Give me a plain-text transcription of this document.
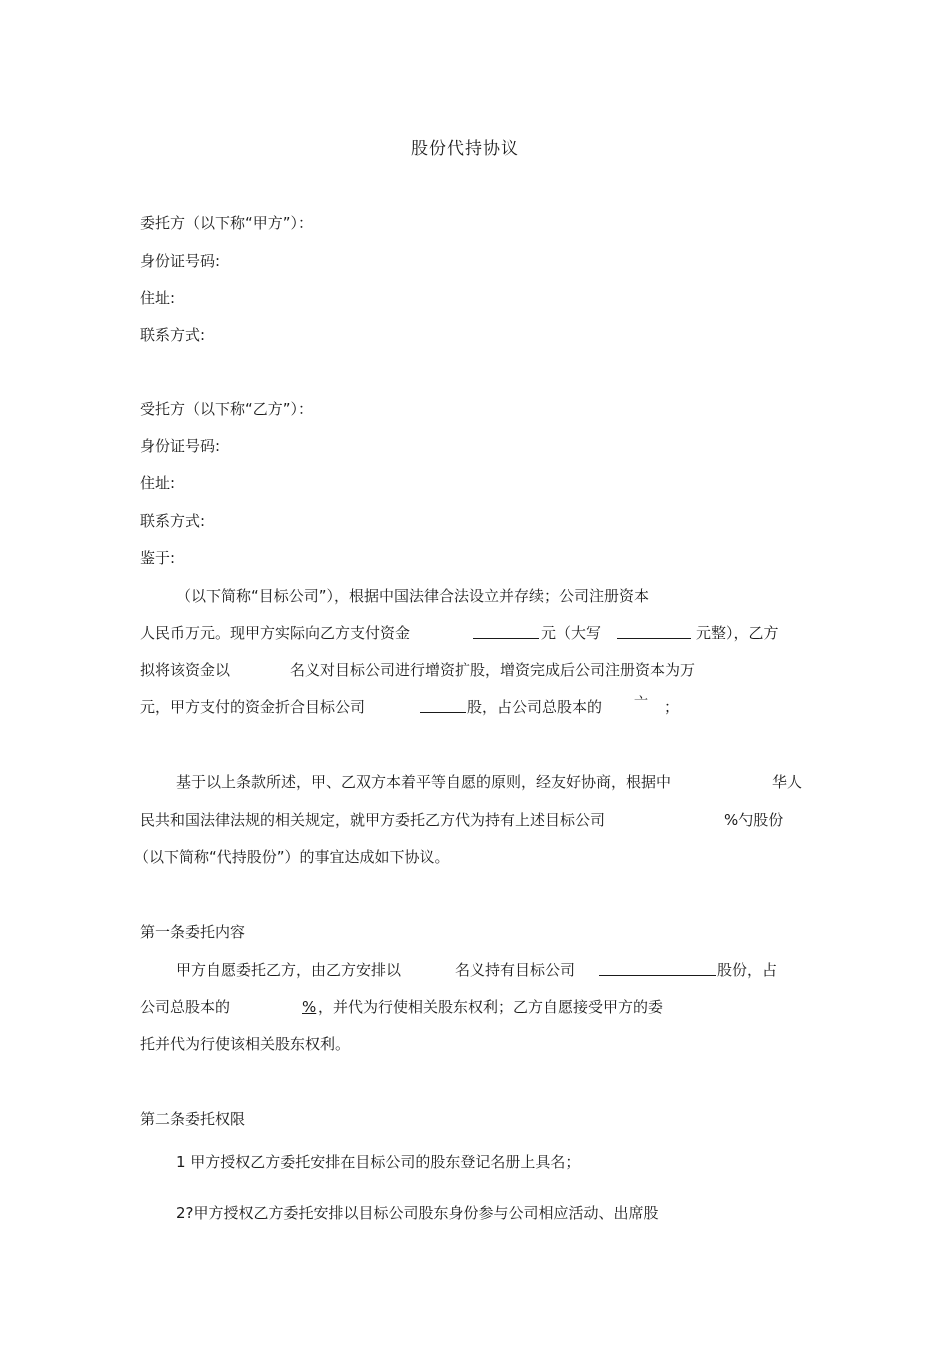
股份代持协议
委托方（以下称“甲方”）：
身份证号码:
住址:
联系方式:
受托方（以下称“乙方”）：
身份证号码:
住址:
联系方式:
鉴于:
（以下简称“目标公司”），根据中国法律合法设立并存续；公司注册资本
人民币万元。现甲方实际向乙方支付资金	元（大写	元整），乙方
拟将该资金以	名义对目标公司进行增资扩股，增资完成后公司注册资本为万
元，甲方支付的资金折合目标公司	股，占公司总股本的 亠 ；
基于以上条款所述，甲、乙双方本着平等自愿的原则，经友好协商，根据中	华人
民共和国法律法规的相关规定，就甲方委托乙方代为持有上述目标公司	%勺股份
（以下简称“代持股份”）的事宜达成如下协议。
第一条委托内容
甲方自愿委托乙方，由乙方安排以	名义持有目标公司	股份，占
公司总股本的	% ，并代为行使相关股东权利；乙方自愿接受甲方的委
托并代为行使该相关股东权利。
第二条委托权限
1 甲方授权乙方委托安排在目标公司的股东登记名册上具名；
2?甲方授权乙方委托安排以目标公司股东身份参与公司相应活动、出席股
